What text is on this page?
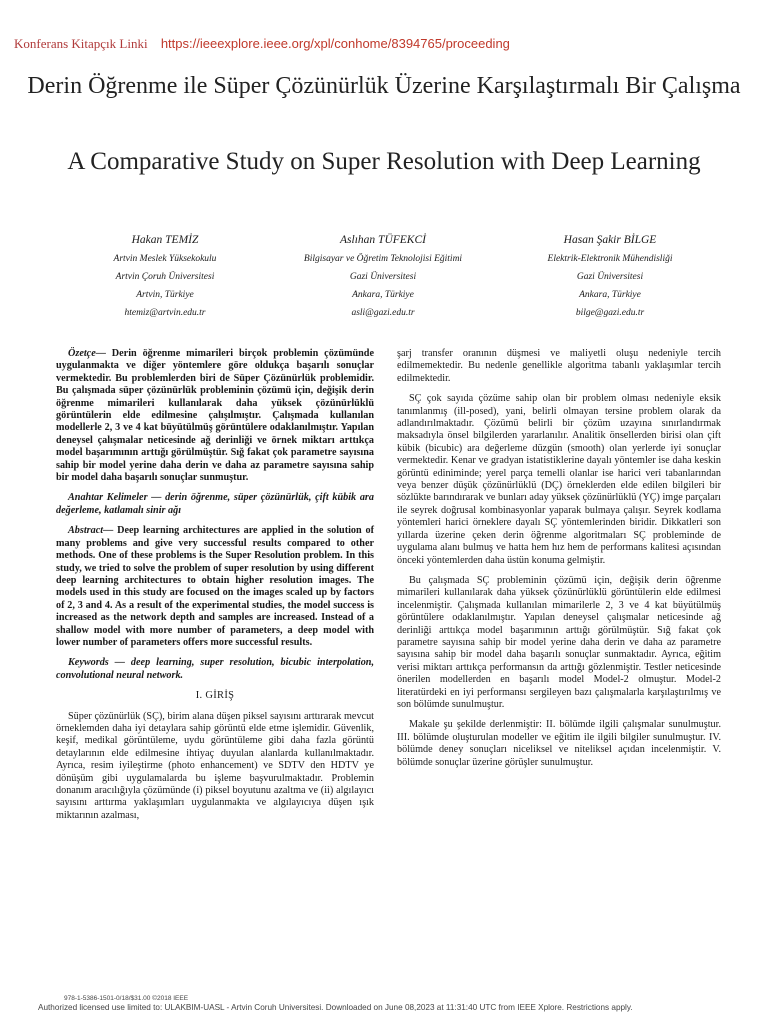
Konferans Kitapçık Linki https://ieeexplore.ieee.org/xpl/conhome/8394765/proceeding
Derin Öğrenme ile Süper Çözünürlük Üzerine Karşılaştırmalı Bir Çalışma
A Comparative Study on Super Resolution with Deep Learning
Hakan TEMİZ
Artvin Meslek Yüksekokulu
Artvin Çoruh Üniversitesi
Artvin, Türkiye
htemiz@artvin.edu.tr
Aslıhan TÜFEKCİ
Bilgisayar ve Öğretim Teknolojisi Eğitimi
Gazi Üniversitesi
Ankara, Türkiye
asli@gazi.edu.tr
Hasan Şakir BİLGE
Elektrik-Elektronik Mühendisliği
Gazi Üniversitesi
Ankara, Türkiye
bilge@gazi.edu.tr

Özetçe— Derin öğrenme mimarileri birçok problemin çözümünde uygulanmakta ve diğer yöntemlere göre oldukça başarılı sonuçlar vermektedir. Bu problemlerden biri de Süper Çözünürlük problemidir. Bu çalışmada süper çözünürlük probleminin çözümü için, değişik derin öğrenme mimarileri kullanılarak daha yüksek çözünürlüklü görüntülerin elde edilmesine çalışılmıştır. Çalışmada kullanılan modellerle 2, 3 ve 4 kat büyütülmüş görüntülere odaklanılmıştır. Yapılan deneysel çalışmalar neticesinde ağ derinliği ve örnek miktarı arttıkça model başarımının arttığı görülmüştür. Sığ fakat çok parametre sayısına sahip bir model yerine daha derin ve daha az parametre sayısına sahip bir model daha başarılı sonuçlar sunmuştur.

Anahtar Kelimeler — derin öğrenme, süper çözünürlük, çift kübik ara değerleme, katlamalı sinir ağı

Abstract— Deep learning architectures are applied in the solution of many problems and give very successful results compared to other methods. One of these problems is the Super Resolution problem. In this study, we tried to solve the problem of super resolution by using different deep learning architectures to obtain higher resolution images. The models used in this study are focused on the images scaled up by factors of 2, 3 and 4. As a result of the experimental studies, the model success is increased as the network depth and samples are increased. Instead of a shallow model with more number of parameters, a deep model with lower number of parameters offers more successful results.

Keywords — deep learning, super resolution, bicubic interpolation, convolutional neural network.

I. GİRİŞ

Süper çözünürlük (SÇ), birim alana düşen piksel sayısını arttırarak mevcut örneklemden daha iyi detaylara sahip görüntü elde etme işlemidir. Güvenlik, keşif, medikal görüntüleme, uydu görüntüleme gibi daha fazla görüntü detaylarının elde edilmesine ihtiyaç duyulan alanlarda kullanılmaktadır. Ayrıca, resim iyileştirme (photo enhancement) ve SDTV den HDTV ye dönüşüm gibi uygulamalarda bu işleme başvurulmaktadır. Problemin donanım aracılığıyla çözümünde (i) piksel boyutunu azaltma ve (ii) algılayıcı sayısını arttırma yaklaşımları uygulanmakta ve algılayıcıya düşen ışık miktarının azalması,

şarj transfer oranının düşmesi ve maliyetli oluşu nedeniyle tercih edilmemektedir. Bu nedenle genellikle algoritma tabanlı yaklaşımlar tercih edilmektedir.

SÇ çok sayıda çözüme sahip olan bir problem olması nedeniyle eksik tanımlanmış (ill-posed), yani, belirli olmayan tersine problem olarak da adlandırılmaktadır. Çözümü belirli bir çözüm uzayına sınırlandırmak maksadıyla önsel bilgilerden yararlanılır. Analitik önsellerden birisi olan çift kübik (bicubic) ara değerleme düzgün (smooth) olan yerlerde iyi sonuçlar vermektedir. Kenar ve gradyan istatistiklerine dayalı yöntemler ise daha keskin görüntü ediniminde; yerel parça temelli olanlar ise harici veri tabanlarından veya benzer düşük çözünürlüklü (DÇ) örneklerden elde edilen bilgileri bir sözlükte barındırarak ve bunları aday yüksek çözünürlüklü (YÇ) imge parçaları ile seyrek doğrusal kombinasyonlar yaparak bulmaya çalışır. Seyrek kodlama yöntemleri harici örneklere dayalı SÇ yöntemlerinden biridir. Dikkatleri son yıllarda üzerine çeken derin öğrenme algoritmaları SÇ probleminde de uygulama alanı bulmuş ve hatta hem hız hem de performans kalitesi açısından önceki yöntemlerden daha üstün konuma gelmiştir.

Bu çalışmada SÇ probleminin çözümü için, değişik derin öğrenme mimarileri kullanılarak daha yüksek çözünürlüklü görüntülerin elde edilmesi incelenmiştir. Çalışmada kullanılan mimarilerle 2, 3 ve 4 kat büyütülmüş görüntülere odaklanılmıştır. Yapılan deneysel çalışmalar neticesinde ağ derinliği arttıkça model başarımının arttığı görülmüştür. Sığ fakat çok parametre sayısına sahip bir model yerine daha derin ve daha az parametre sayısına sahip bir model daha başarılı sonuçlar sunmaktadır. Ayrıca, eğitim verisi miktarı arttıkça performansın da arttığı gözlenmiştir. Testler neticesinde önerilen modellerden en başarılı model Model-2 olmuştur. Model-2 literatürdeki en iyi performansı sergileyen bazı çalışmalarla karşılaştırılmış ve son bölümde sunulmuştur.

Makale şu şekilde derlenmiştir: II. bölümde ilgili çalışmalar sunulmuştur. III. bölümde oluşturulan modeller ve eğitim ile ilgili bilgiler sunulmuştur. IV. bölümde deney sonuçları niceliksel ve niteliksel açıdan incelenmiştir. V. bölümde sonuçlar üzerine görüşler sunulmuştur.

978-1-5386-1501-0/18/$31.00 ©2018 IEEE
Authorized licensed use limited to: ULAKBIM-UASL - Artvin Coruh Universitesi. Downloaded on June 08,2023 at 11:31:40 UTC from IEEE Xplore. Restrictions apply.
